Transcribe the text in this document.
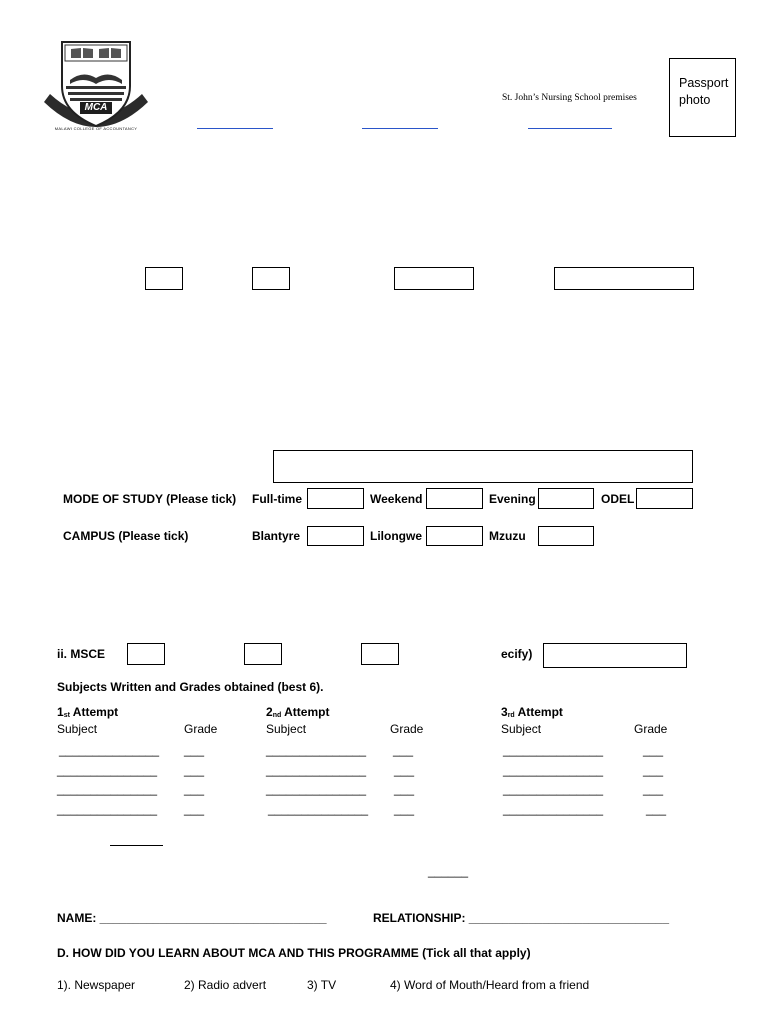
MCA
MALAWI COLLEGE OF ACCOUNTANCY
St. John’s Nursing School premises
Passport photo
MODE OF STUDY (Please tick) Full-time	Weekend	Evening	ODEL
CAMPUS (Please tick)	Blantyre	Lilongwe	Mzuzu
ii. MSCE	ecify)
Subjects Written and Grades obtained (best 6).
$1_{st}$ Attempt	$2_{nd}$ Attempt	$3_{rd}$ Attempt
Subject	Grade	Subject	Grade	Subject	Grade
_______________ ___	_______________ ___	_______________	___
_______________ ___	_______________ ___	_______________	___
_______________ ___	_______________ ___	_______________	___
_______________ ___	_______________ ___	_______________	___
______
NAME: __________________________________	RELATIONSHIP: ______________________________
D. HOW DID YOU LEARN ABOUT MCA AND THIS PROGRAMME (Tick all that apply)
1). Newspaper	2) Radio advert	3) TV	4) Word of Mouth/Heard from a friend
